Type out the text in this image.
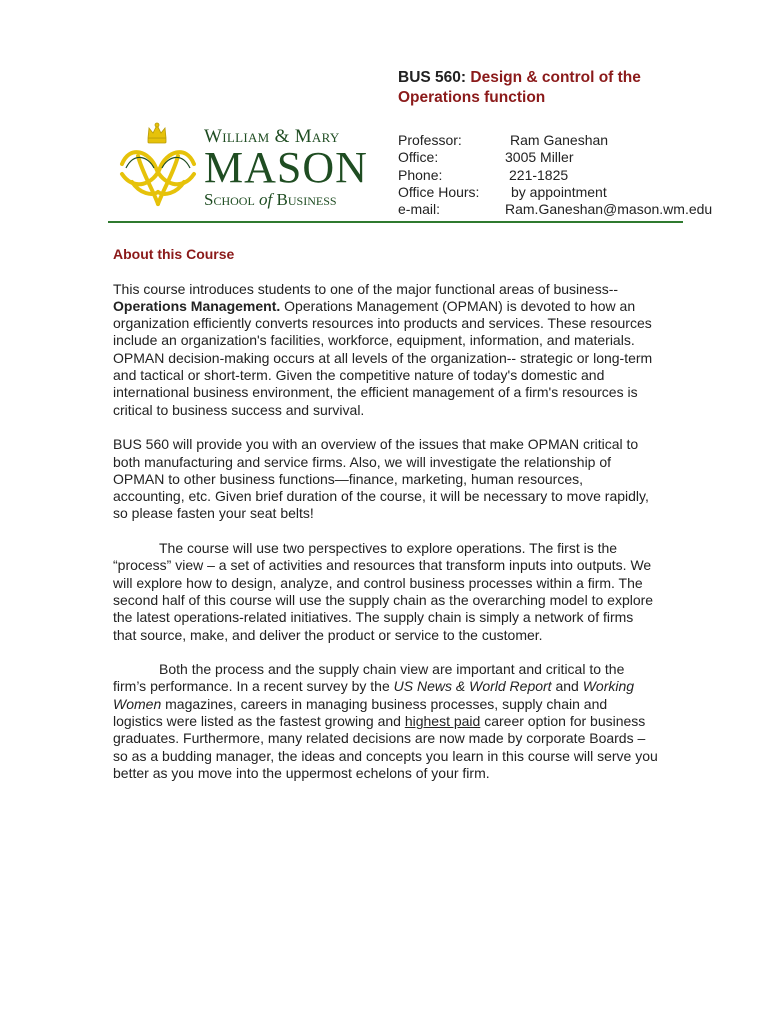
BUS 560: Design & control of the Operations function
William & Mary
MASON
School of Business
Professor:	Ram Ganeshan
Office:	3005 Miller
Phone:	221-1825
Office Hours: by appointment
e-mail:	Ram.Ganeshan@mason.wm.edu

About this Course

This course introduces students to one of the major functional areas of business--Operations Management. Operations Management (OPMAN) is devoted to how an organization efficiently converts resources into products and services. These resources include an organization's facilities, workforce, equipment, information, and materials. OPMAN decision-making occurs at all levels of the organization-- strategic or long-term and tactical or short-term. Given the competitive nature of today's domestic and international business environment, the efficient management of a firm's resources is critical to business success and survival.

BUS 560 will provide you with an overview of the issues that make OPMAN critical to both manufacturing and service firms. Also, we will investigate the relationship of OPMAN to other business functions—finance, marketing, human resources, accounting, etc. Given brief duration of the course, it will be necessary to move rapidly, so please fasten your seat belts!

The course will use two perspectives to explore operations. The first is the “process” view – a set of activities and resources that transform inputs into outputs. We will explore how to design, analyze, and control business processes within a firm. The second half of this course will use the supply chain as the overarching model to explore the latest operations-related initiatives. The supply chain is simply a network of firms that source, make, and deliver the product or service to the customer.

Both the process and the supply chain view are important and critical to the firm’s performance. In a recent survey by the US News & World Report and Working Women magazines, careers in managing business processes, supply chain and logistics were listed as the fastest growing and highest paid career option for business graduates. Furthermore, many related decisions are now made by corporate Boards – so as a budding manager, the ideas and concepts you learn in this course will serve you better as you move into the uppermost echelons of your firm.
